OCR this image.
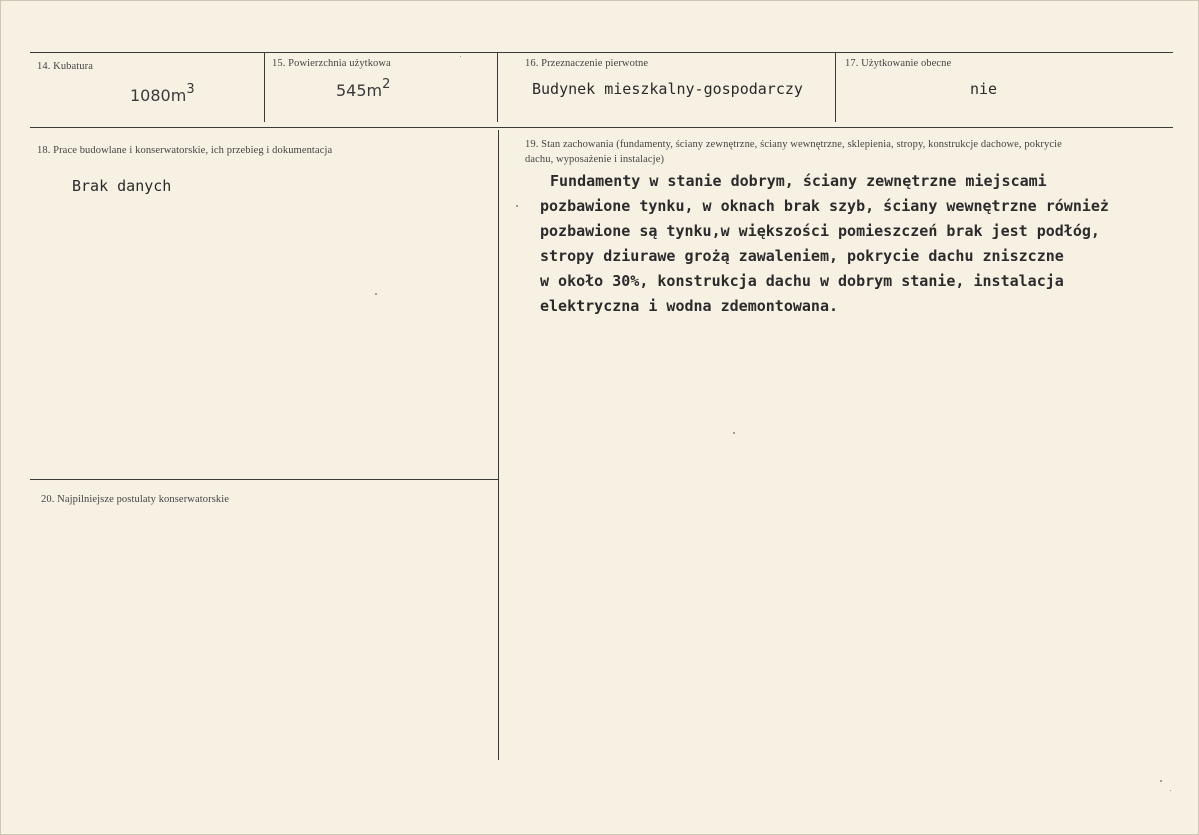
14. Kubatura
$1080m^3$
15. Powierzchnia użytkowa
$545m^2$
16. Przeznaczenie pierwotne
Budynek mieszkalny-gospodarczy
17. Użytkowanie obecne
nie
18. Prace budowlane i konserwatorskie, ich przebieg i dokumentacja
Brak danych
19. Stan zachowania (fundamenty, ściany zewnętrzne, ściany wewnętrzne, sklepienia, stropy, konstrukcje dachowe, pokrycie dachu, wyposażenie i instalacje)
Fundamenty w stanie dobrym, ściany zewnętrzne miejscami
pozbawione tynku, w oknach brak szyb, ściany wewnętrzne również
pozbawione są tynku,w większości pomieszczeń brak jest podłóg,
stropy dziurawe grożą zawaleniem, pokrycie dachu zniszczne
w około 30%, konstrukcja dachu w dobrym stanie, instalacja
elektryczna i wodna zdemontowana.
20. Najpilniejsze postulaty konserwatorskie
